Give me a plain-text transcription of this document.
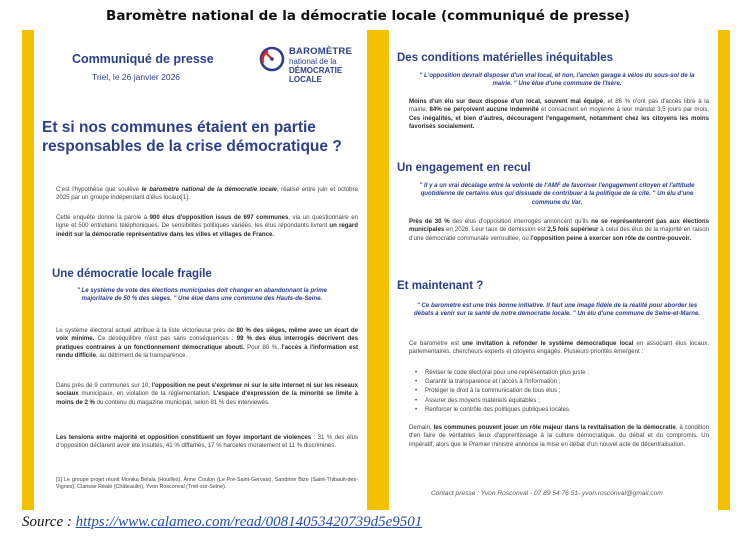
Baromètre national de la démocratie locale (communiqué de presse)
Communiqué de presse
Triel, le 26 janvier 2026
BAROMÈTRE
national de la
DÉMOCRATIE LOCALE
Et si nos communes étaient en partie responsables de la crise démocratique ?

C'est l'hypothèse que soulève le baromètre national de la démocratie locale, réalisé entre juin et octobre 2025 par un groupe indépendant d'élus locaux[1].

Cette enquête donne la parole à 900 élus d'opposition issus de 697 communes, via un questionnaire en ligne et 500 entretiens téléphoniques. De sensibilités politiques variées, les élus répondants livrent un regard inédit sur la démocratie représentative dans les villes et villages de France.

Une démocratie locale fragile

" Le système de vote des élections municipales doit changer en abandonnant la prime majoritaire de 50 % des sièges. " Une élue dans une commune des Hauts-de-Seine.

Le système électoral actuel attribue à la liste victorieuse près de 80 % des sièges, même avec un écart de voix minime. Ce déséquilibre n'est pas sans conséquences : 99 % des élus interrogés décrivent des pratiques contraires à un fonctionnement démocratique abouti. Pour 80 %, l'accès à l'information est rendu difficile, au détriment de la transparence.

Dans près de 9 communes sur 10, l'opposition ne peut s'exprimer ni sur le site internet ni sur les réseaux sociaux municipaux, en violation de la réglementation. L'espace d'expression de la minorité se limite à moins de 2 % du contenu du magazine municipal, selon 81 % des interviewés.

Les tensions entre majorité et opposition constituent un foyer important de violences : 31 % des élus d'opposition déclarent avoir été insultés, 41 % diffamés, 17 % harcelés moralement et 11 % discriminés.

[1] Le groupe projet réunit Monika Belala (Houilles), Anne Coulon (Le Pré-Saint-Gervais), Sandrine Bize (Saint-Thibault-des-Vignes), Clarisse Réalé (Châteaulin), Yvon Rosconval (Triel-sur-Seine).

Des conditions matérielles inéquitables

" L'opposition devrait disposer d'un vrai local, et non, l'ancien garage à vélos du sous-sol de la mairie. " Une élue d'une commune de l'Isère.

Moins d'un élu sur deux dispose d'un local, souvent mal équipé, et 86 % n'ont pas d'accès libre à la mairie. 84% ne perçoivent aucune indemnité et consacrent en moyenne à leur mandat 3,5 jours par mois. Ces inégalités, et bien d'autres, découragent l'engagement, notamment chez les citoyens les moins favorisés socialement.

Un engagement en recul

" Il y a un vrai décalage entre la volonté de l'AMF de favoriser l'engagement citoyen et l'attitude quotidienne de certains élus qui dissuade de contribuer à la politique de la cité. " Un élu d'une commune du Var.

Près de 30 % des élus d'opposition interrogés annoncent qu'ils ne se représenteront pas aux élections municipales en 2026. Leur taux de démission est 2,5 fois supérieur à celui des élus de la majorité en raison d'une démocratie communale verrouillée, où l'opposition peine à exercer son rôle de contre-pouvoir.

Et maintenant ?

" Ce baromètre est une très bonne initiative. Il faut une image fidèle de la réalité pour aborder les débats à venir sur la santé de notre démocratie locale. " Un élu d'une commune de Seine-et-Marne.

Ce baromètre est une invitation à refonder le système démocratique local en associant élus locaux, parlementaires, chercheurs experts et citoyens engagés. Plusieurs priorités émergent :

• Réviser le code électoral pour une représentation plus juste ;
• Garantir la transparence et l'accès à l'information ;
• Protéger le droit à la communication de tous élus ;
• Assurer des moyens matériels équitables ;
• Renforcer le contrôle des politiques publiques locales.

Demain, les communes pouvent jouer un rôle majeur dans la revitalisation de la démocratie, à condition d'en faire de véritables lieux d'apprentissage à la culture démocratique, du débat et du compromis. Un impératif, alors que le Premier ministre annonce la mise en débat d'un nouvel acte de décentralisation.

Contact presse : Yvon Rosconval - 07 89 54 76 51- yvon.rosconval@gmail.com
Source : https://www.calameo.com/read/00814053420739d5e9501
